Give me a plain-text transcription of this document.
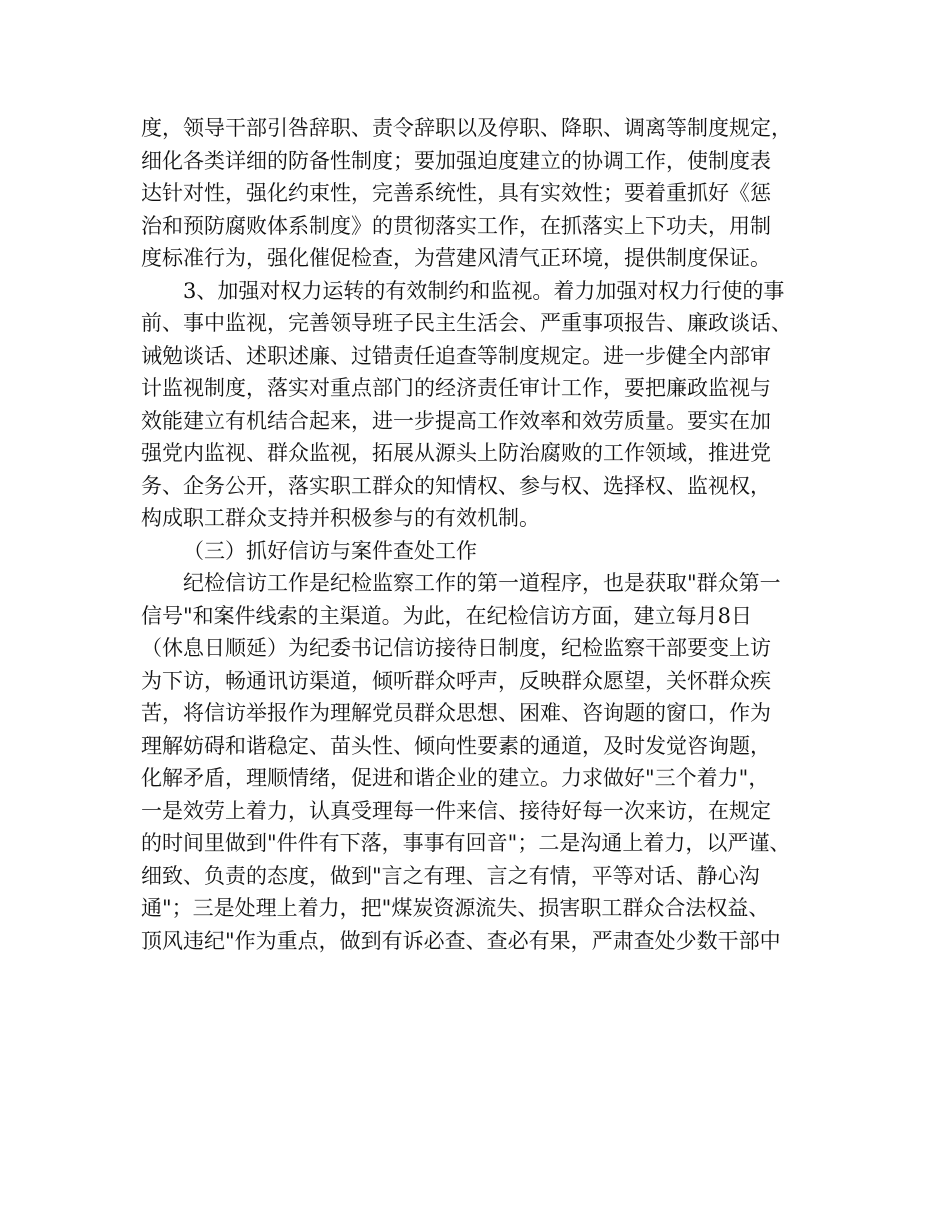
度，领导干部引咎辞职、责令辞职以及停职、降职、调离等制度规定，
细化各类详细的防备性制度；要加强迫度建立的协调工作，使制度表
达针对性，强化约束性，完善系统性，具有实效性；要着重抓好《惩
治和预防腐败体系制度》的贯彻落实工作，在抓落实上下功夫，用制
度标准行为，强化催促检查，为营建风清气正环境，提供制度保证。
3、加强对权力运转的有效制约和监视。着力加强对权力行使的事
前、事中监视，完善领导班子民主生活会、严重事项报告、廉政谈话、
诫勉谈话、述职述廉、过错责任追查等制度规定。进一步健全内部审
计监视制度，落实对重点部门的经济责任审计工作，要把廉政监视与
效能建立有机结合起来，进一步提高工作效率和效劳质量。要实在加
强党内监视、群众监视，拓展从源头上防治腐败的工作领域，推进党
务、企务公开，落实职工群众的知情权、参与权、选择权、监视权，
构成职工群众支持并积极参与的有效机制。
（三）抓好信访与案件查处工作
纪检信访工作是纪检监察工作的第一道程序，也是获取"群众第一
信号"和案件线索的主渠道。为此，在纪检信访方面，建立每月8日
（休息日顺延）为纪委书记信访接待日制度，纪检监察干部要变上访
为下访，畅通讯访渠道，倾听群众呼声，反映群众愿望，关怀群众疾
苦，将信访举报作为理解党员群众思想、困难、咨询题的窗口，作为
理解妨碍和谐稳定、苗头性、倾向性要素的通道，及时发觉咨询题，
化解矛盾，理顺情绪，促进和谐企业的建立。力求做好"三个着力"，
一是效劳上着力，认真受理每一件来信、接待好每一次来访，在规定
的时间里做到"件件有下落，事事有回音"；二是沟通上着力，以严谨、
细致、负责的态度，做到"言之有理、言之有情，平等对话、静心沟
通"；三是处理上着力，把"煤炭资源流失、损害职工群众合法权益、
顶风违纪"作为重点，做到有诉必查、查必有果，严肃查处少数干部中
